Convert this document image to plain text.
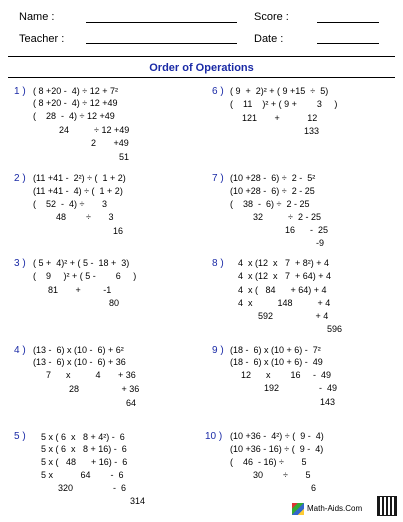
Name :	Score :
Teacher :	Date :
Order of Operations
1 ) ( 8 +20 -  4) ÷ 12 + 7²
( 8 +20 -  4) ÷ 12 +49
(    28  -  4) ÷ 12 +49
24          ÷ 12 +49
2       +49
51
2 ) (11 +41 -  2²) ÷ (  1 + 2)
(11 +41 -  4) ÷ (  1 + 2)
(    52  -  4) ÷       3
48        ÷       3
16
3 ) ( 5 +  4)² + ( 5 -  18 +  3)
(    9     )² + ( 5 -        6     )
81       +         -1
80
4 ) (13 -  6) x (10 -  6) + 6²
(13 -  6) x (10 -  6) + 36
7      x          4       + 36
28                 + 36
64
5 ) 5 x ( 6  x   8 + 4²) -  6
5 x ( 6  x   8 + 16) -  6
5 x (   48      + 16) -  6
5 x           64        -  6
320                -  6
314
6 ) ( 9  +  2)² + ( 9 +15  ÷  5)
(    11    )² + ( 9 +        3     )
121       +           12
133
7 ) (10 +28 -  6) ÷  2 -  5²
(10 +28 -  6) ÷  2 - 25
(    38  -  6) ÷  2 - 25
32          ÷  2 - 25
16      -  25
-9
8 ) 4  x (12  x   7  + 8²) + 4
4  x (12  x   7  + 64) + 4
4  x (   84      + 64) + 4
4  x          148          + 4
592                 + 4
596
9 ) (18 -  6) x (10 + 6) -  7²
(18 -  6) x (10 + 6) -  49
12      x        16     -  49
192                -  49
143
10 ) (10 +36 -  4²) ÷ (  9 -  4)
(10 +36 - 16) ÷ (  9 -  4)
(    46  - 16) ÷       5
30        ÷       5
6
Math-Aids.Com
